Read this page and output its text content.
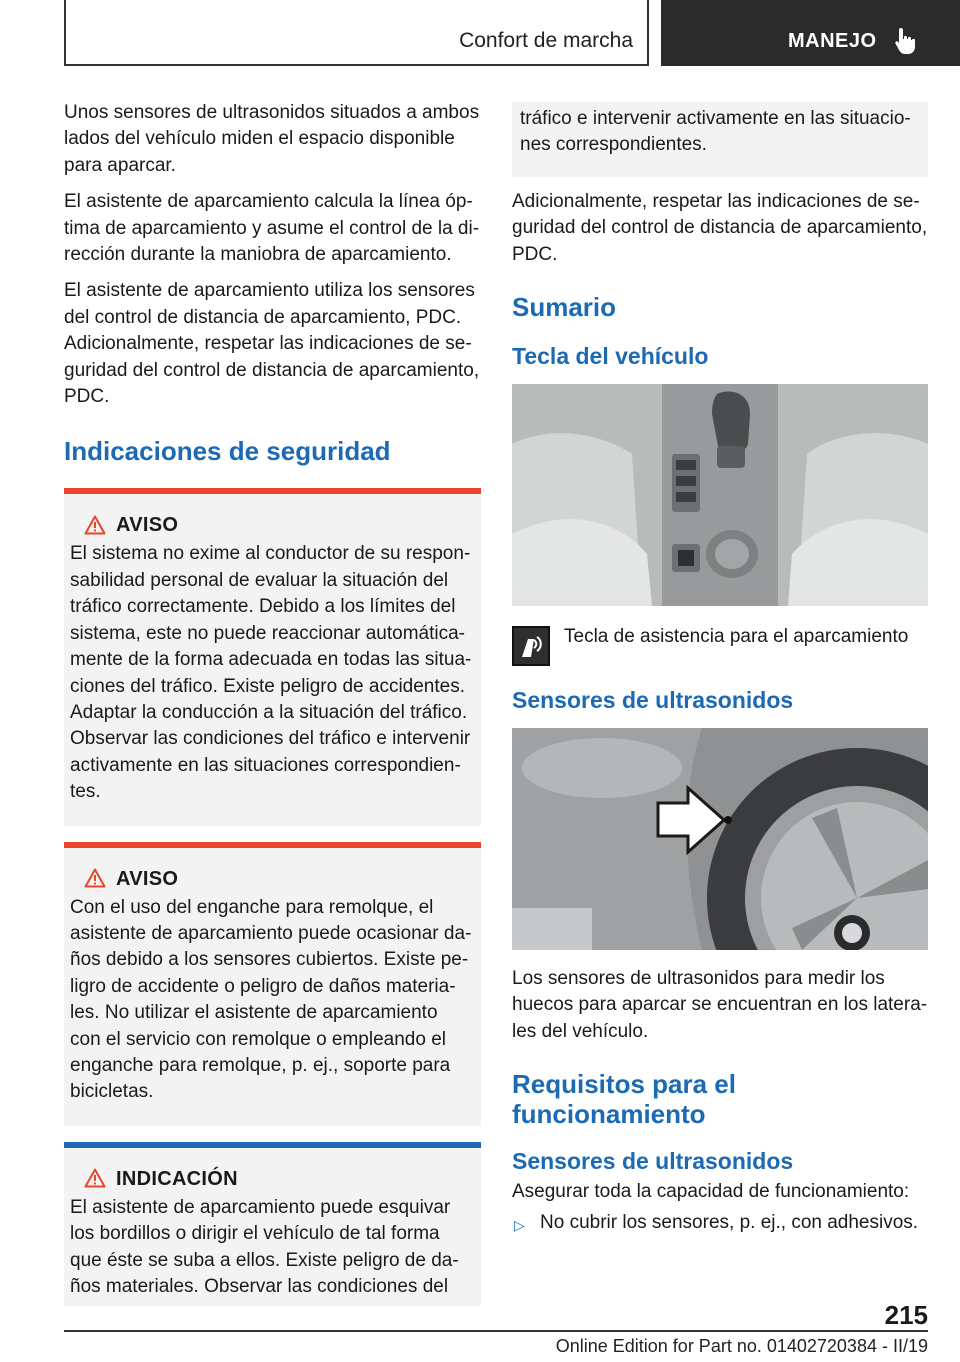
Confort de marcha	MANEJO

Unos sensores de ultrasonidos situados a ambos lados del vehículo miden el espacio disponible para aparcar.

El asistente de aparcamiento calcula la línea óptima de aparcamiento y asume el control de la dirección durante la maniobra de aparcamiento.

El asistente de aparcamiento utiliza los sensores del control de distancia de aparcamiento, PDC. Adicionalmente, respetar las indicaciones de seguridad del control de distancia de aparcamiento, PDC.

Indicaciones de seguridad
AVISO
El sistema no exime al conductor de su responsabilidad personal de evaluar la situación del tráfico correctamente. Debido a los límites del sistema, este no puede reaccionar automáticamente de la forma adecuada en todas las situaciones del tráfico. Existe peligro de accidentes. Adaptar la conducción a la situación del tráfico. Observar las condiciones del tráfico e intervenir activamente en las situaciones correspondientes.
AVISO
Con el uso del enganche para remolque, el asistente de aparcamiento puede ocasionar daños debido a los sensores cubiertos. Existe peligro de accidente o peligro de daños materiales. No utilizar el asistente de aparcamiento con el servicio con remolque o empleando el enganche para remolque, p. ej., soporte para bicicletas.
INDICACIÓN
El asistente de aparcamiento puede esquivar los bordillos o dirigir el vehículo de tal forma que éste se suba a ellos. Existe peligro de daños materiales. Observar las condiciones del
tráfico e intervenir activamente en las situaciones correspondientes.

Adicionalmente, respetar las indicaciones de seguridad del control de distancia de aparcamiento, PDC.

Sumario
Tecla del vehículo
Tecla de asistencia para el aparcamiento
Sensores de ultrasonidos

Los sensores de ultrasonidos para medir los huecos para aparcar se encuentran en los laterales del vehículo.

Requisitos para el funcionamiento
Sensores de ultrasonidos

Asegurar toda la capacidad de funcionamiento:

▷ No cubrir los sensores, p. ej., con adhesivos.
215
Online Edition for Part no. 01402720384 - II/19
